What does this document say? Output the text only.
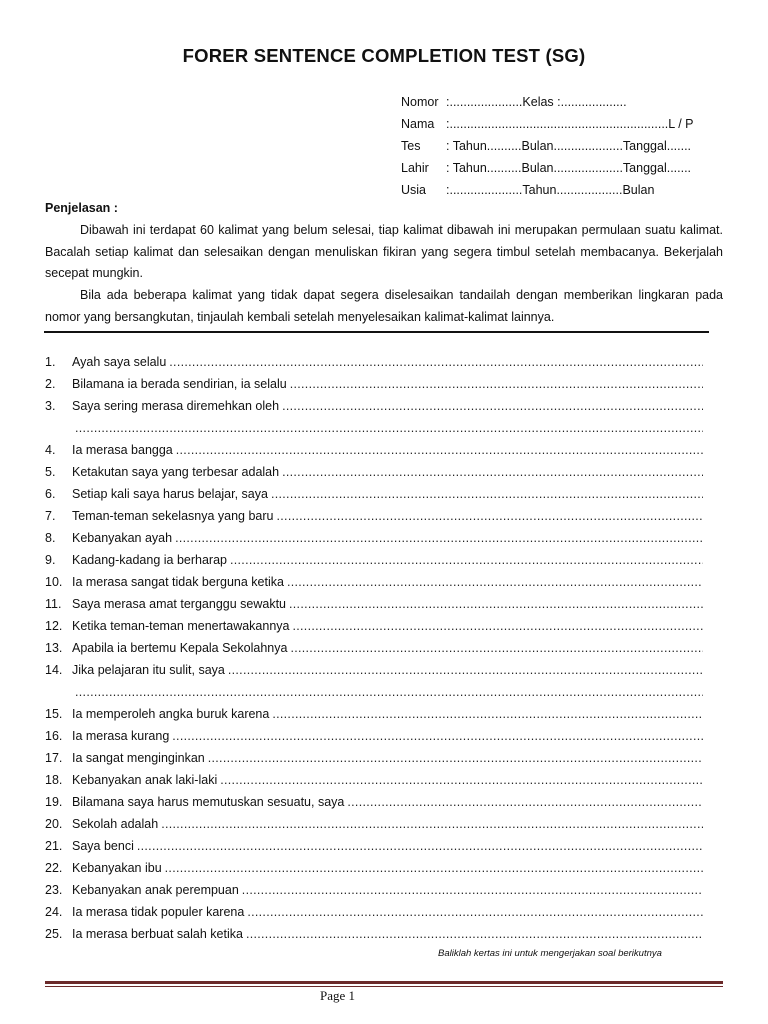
FORER SENTENCE COMPLETION TEST (SG)
Nomor :.....................Kelas :...................
Nama :...............................................................L / P
Tes	: Tahun..........Bulan....................Tanggal.......
Lahir	: Tahun..........Bulan....................Tanggal.......
Usia	:.....................Tahun...................Bulan
Penjelasan :
Dibawah ini terdapat 60 kalimat yang belum selesai, tiap kalimat dibawah ini merupakan permulaan suatu kalimat. Bacalah setiap kalimat dan selesaikan dengan menuliskan fikiran yang segera timbul setelah membacanya. Bekerjalah secepat mungkin.
Bila ada beberapa kalimat yang tidak dapat segera diselesaikan tandailah dengan memberikan lingkaran pada nomor yang bersangkutan, tinjaulah kembali setelah menyelesaikan kalimat-kalimat lainnya.
1.	Ayah saya selalu
.....
2.	Bilamana ia berada sendirian, ia selalu
.....
3.	Saya sering merasa diremehkan oleh
.....
.....
4.	Ia merasa bangga
.....
5.	Ketakutan saya yang terbesar adalah
.....
6.	Setiap kali saya harus belajar, saya
.....
7.	Teman-teman sekelasnya yang baru
.....
8.	Kebanyakan ayah
.....
9.	Kadang-kadang ia berharap
.....
10. Ia merasa sangat tidak berguna ketika
.....
11. Saya merasa amat terganggu sewaktu
.....
12. Ketika teman-teman menertawakannya
.....
13. Apabila ia bertemu Kepala Sekolahnya
.....
14. Jika pelajaran itu sulit, saya
.....
.....
15. Ia memperoleh angka buruk karena
.....
16. Ia merasa kurang
.....
17. Ia sangat menginginkan
.....
18. Kebanyakan anak laki-laki
.....
19. Bilamana saya harus memutuskan sesuatu, saya
.....
20. Sekolah adalah
.....
21. Saya benci
.....
22. Kebanyakan ibu
.....
23. Kebanyakan anak perempuan
.....
24. Ia merasa tidak populer karena
.....
25. Ia merasa berbuat salah ketika
.....
Baliklah kertas ini untuk mengerjakan soal berikutnya
Page 1
